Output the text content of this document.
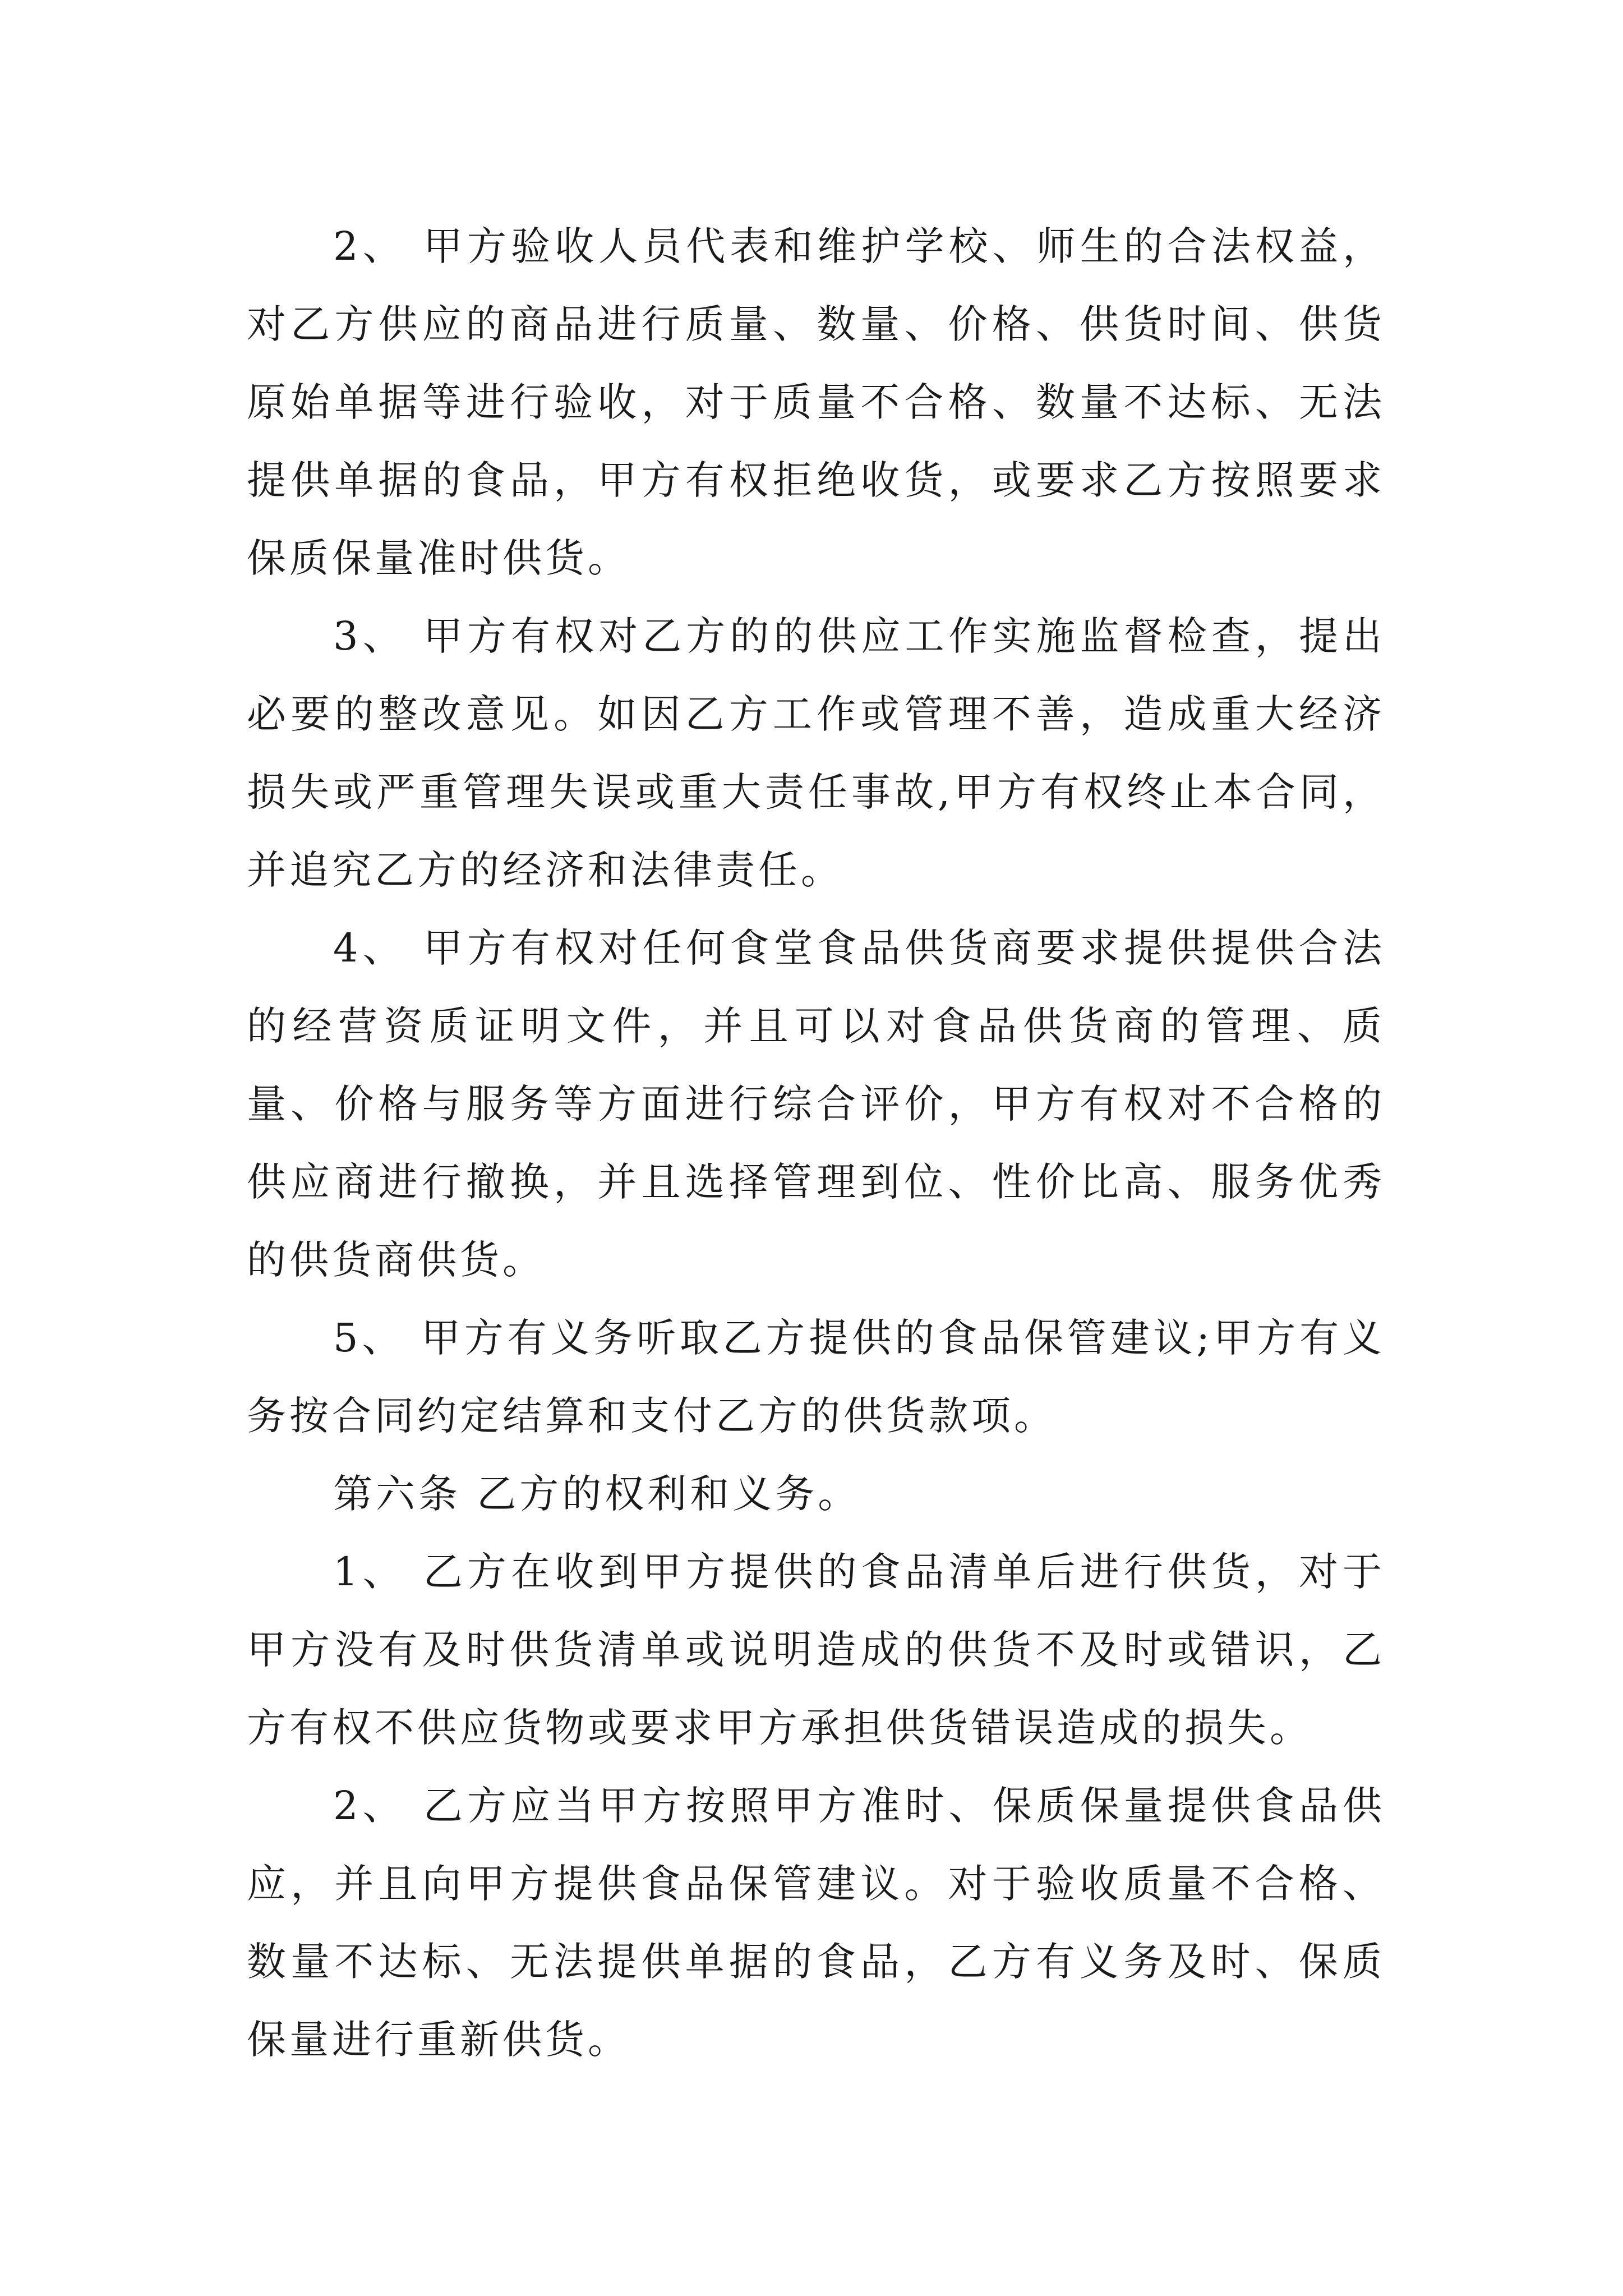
2、 甲方验收人员代表和维护学校、师生的合法权益，对乙方供应的商品进行质量、数量、价格、供货时间、供货原始单据等进行验收，对于质量不合格、数量不达标、无法提供单据的食品，甲方有权拒绝收货，或要求乙方按照要求保质保量准时供货。

3、 甲方有权对乙方的的供应工作实施监督检查，提出必要的整改意见。如因乙方工作或管理不善，造成重大经济损失或严重管理失误或重大责任事故,甲方有权终止本合同，并追究乙方的经济和法律责任。

4、 甲方有权对任何食堂食品供货商要求提供提供合法的经营资质证明文件，并且可以对食品供货商的管理、质量、价格与服务等方面进行综合评价，甲方有权对不合格的供应商进行撤换，并且选择管理到位、性价比高、服务优秀的供货商供货。

5、 甲方有义务听取乙方提供的食品保管建议;甲方有义务按合同约定结算和支付乙方的供货款项。

第六条 乙方的权利和义务。

1、 乙方在收到甲方提供的食品清单后进行供货，对于甲方没有及时供货清单或说明造成的供货不及时或错识，乙方有权不供应货物或要求甲方承担供货错误造成的损失。

2、 乙方应当甲方按照甲方准时、保质保量提供食品供应，并且向甲方提供食品保管建议。对于验收质量不合格、数量不达标、无法提供单据的食品，乙方有义务及时、保质保量进行重新供货。
